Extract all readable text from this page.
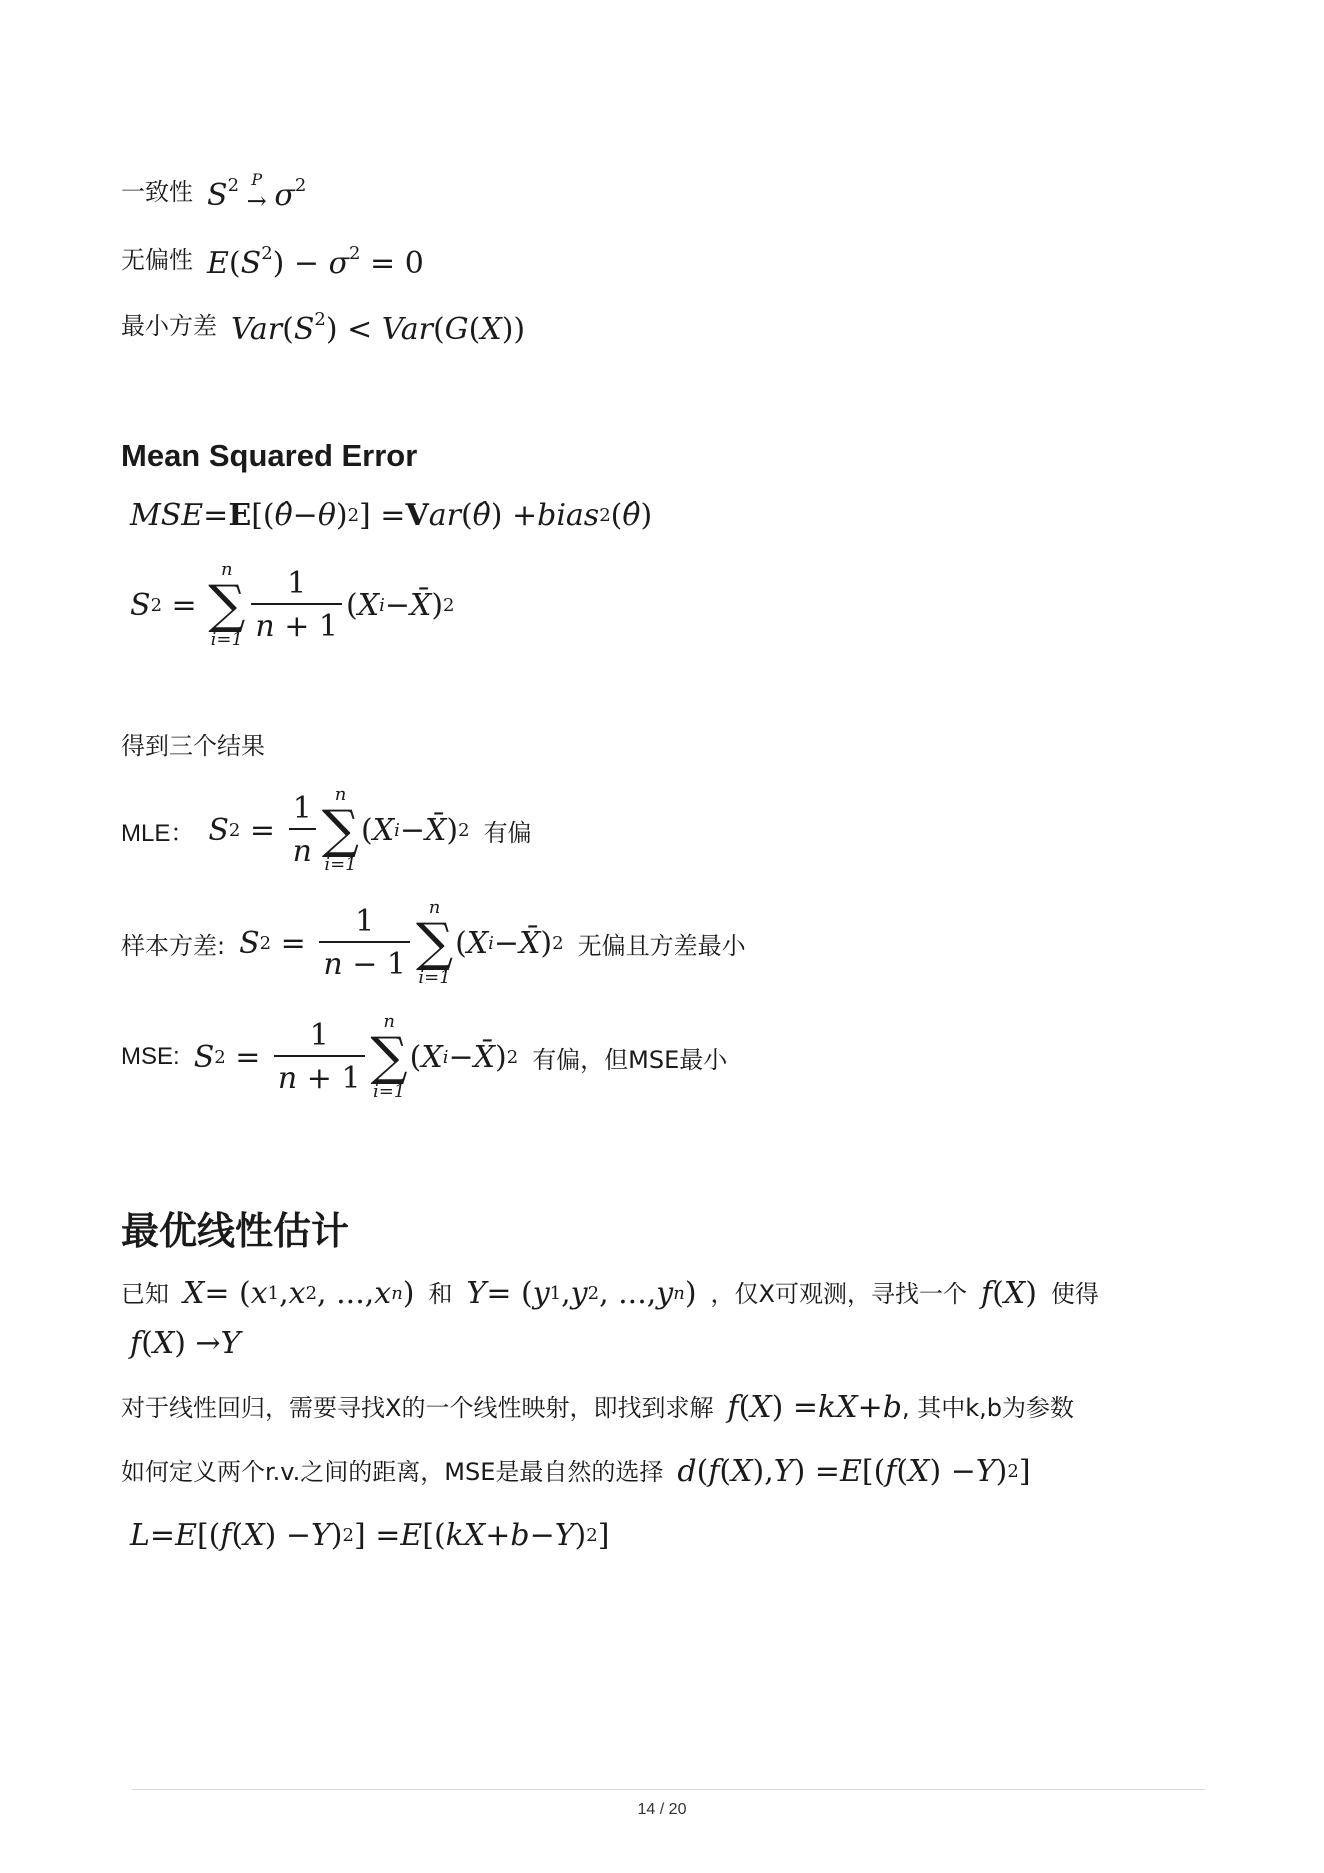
一致性 $S^2$ P
→ $\sigma^2$
无偏性 $E(S^2) - \sigma^2 = 0$
最小方差 $Var(S^2) < Var(G(X))$
Mean Squared Error
MSE = E [( θ̂ − θ ) 2 ] = V ar ( θ̂ ) + bias 2 ( θ̂ )
S 2 =
n
∑
$i=1 \frac{1}{n + 1}$ ( X i − X̄ ) 2
得到三个结果
MLE： S $2 = \frac{1}{n}$ n
∑
i=1
( X i − X̄ ) 2 有偏
样本方差: S $2 = \frac{1}{n - 1}$ n
∑
i=1
( X i − X̄ ) 2 无偏且方差最小
MSE: S $2 = \frac{1}{n + 1}$ n
∑
i=1
( X i − X̄ ) 2 有偏，但MSE最小
最优线性估计
已知 X = ( x 1 , x 2 , ..., x n ) 和 Y = ( y 1 , y 2 , ..., y n ) ，仅X可观测，寻找一个 f ( X ) 使得
f ( X ) → Y
对于线性回归，需要寻找X的一个线性映射，即找到求解 f ( X ) = kX + b , 其中k,b为参数
如何定义两个r.v.之间的距离，MSE是最自然的选择 d ( f ( X ), Y ) = E [( f ( X ) − Y ) 2 ]
L = E [( f ( X ) − Y ) 2 ] = E [( kX + b − Y ) 2 ]
14 / 20
